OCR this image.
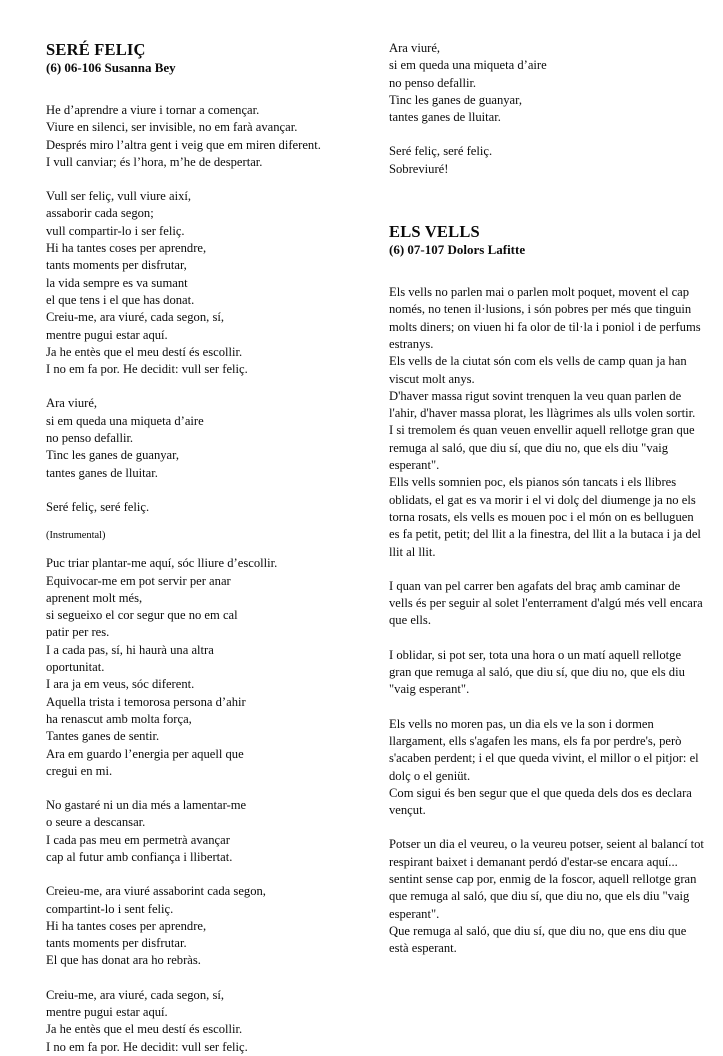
SERÉ FELIÇ
(6) 06-106 Susanna Bey
He d’aprendre a viure i tornar a començar.
Viure en silenci, ser invisible, no em farà avançar.
Després miro l’altra gent i veig que em miren diferent.
I vull canviar; és l’hora, m’he de despertar.
Vull ser feliç, vull viure així,
assaborir cada segon;
vull compartir-lo i ser feliç.
Hi ha tantes coses per aprendre,
tants moments per disfrutar,
la vida sempre es va sumant
el que tens i el que has donat.
Creiu-me, ara viuré, cada segon, sí,
mentre pugui estar aquí.
Ja he entès que el meu destí és escollir.
I no em fa por. He decidit: vull ser feliç.
Ara viuré,
si em queda una miqueta d’aire
no penso defallir.
Tinc les ganes de guanyar,
tantes ganes de lluitar.
Seré feliç, seré feliç.
(Instrumental)
Puc triar plantar-me aquí, sóc lliure d’escollir.
Equivocar-me em pot servir per anar
aprenent molt més,
si segueixo el cor segur que no em cal
patir per res.
I a cada pas, sí, hi haurà una altra
oportunitat.
I ara ja em veus, sóc diferent.
Aquella trista i temorosa persona d’ahir
ha renascut amb molta força,
Tantes ganes de sentir.
Ara em guardo l’energia per aquell que
cregui en mi.
No gastaré ni un dia més a lamentar-me
o seure a descansar.
I cada pas meu em permetrà avançar
cap al futur amb confiança i llibertat.
Creieu-me, ara viuré assaborint cada segon,
compartint-lo i sent feliç.
Hi ha tantes coses per aprendre,
tants moments per disfrutar.
El que has donat ara ho rebràs.
Creiu-me, ara viuré, cada segon, sí,
mentre pugui estar aquí.
Ja he entès que el meu destí és escollir.
I no em fa por. He decidit: vull ser feliç.
Ara viuré,
si em queda una miqueta d’aire
no penso defallir.
Tinc les ganes de guanyar,
tantes ganes de lluitar.
Seré feliç, seré feliç.
Sobreviuré!
ELS VELLS
(6) 07-107 Dolors Lafitte

Els vells no parlen mai o parlen molt poquet, movent el cap només, no tenen il·lusions, i són pobres per més que tinguin molts diners; on viuen hi fa olor de til·la i poniol i de perfums estranys.

Els vells de la ciutat són com els vells de camp quan ja han viscut molt anys.

D'haver massa rigut sovint trenquen la veu quan parlen de l'ahir, d'haver massa plorat, les llàgrimes als ulls volen sortir.

I si tremolem és quan veuen envellir aquell rellotge gran que remuga al saló, que diu sí, que diu no, que els diu "vaig esperant".

Ells vells somnien poc, els pianos són tancats i els llibres oblidats, el gat es va morir i el vi dolç del diumenge ja no els torna rosats, els vells es mouen poc i el món on es belluguen es fa petit, petit; del llit a la finestra, del llit a la butaca i ja del llit al llit.

I quan van pel carrer ben agafats del braç amb caminar de vells és per seguir al solet l'enterrament d'algú més vell encara que ells.

I oblidar, si pot ser, tota una hora o un matí aquell rellotge gran que remuga al saló, que diu sí, que diu no, que els diu "vaig esperant".

Els vells no moren pas, un dia els ve la son i dormen llargament, ells s'agafen les mans, els fa por perdre's, però s'acaben perdent; i el que queda vivint, el millor o el pitjor: el dolç o el geniüt.

Com sigui és ben segur que el que queda dels dos es declara vençut.

Potser un dia el veureu, o la veureu potser, seient al balancí tot respirant baixet i demanant perdó d'estar-se encara aquí... sentint sense cap por, enmig de la foscor, aquell rellotge gran que remuga al saló, que diu sí, que diu no, que els diu "vaig esperant".

Que remuga al saló, que diu sí, que diu no, que ens diu que està esperant.
